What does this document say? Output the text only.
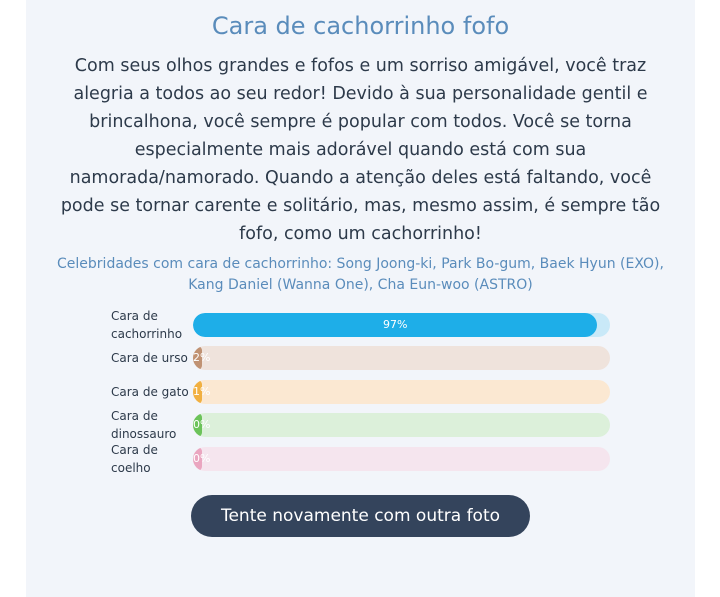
Cara de cachorrinho fofo
Com seus olhos grandes e fofos e um sorriso amigável, você traz alegria a todos ao seu redor! Devido à sua personalidade gentil e brincalhona, você sempre é popular com todos. Você se torna especialmente mais adorável quando está com sua namorada/namorado. Quando a atenção deles está faltando, você pode se tornar carente e solitário, mas, mesmo assim, é sempre tão fofo, como um cachorrinho!
Celebridades com cara de cachorrinho: Song Joong-ki, Park Bo-gum, Baek Hyun (EXO), Kang Daniel (Wanna One), Cha Eun-woo (ASTRO)
Cara de cachorrinho
97%
Cara de urso 2%
Cara de gato 1%
Cara de dinossauro
0%
Cara de coelho
0%
Tente novamente com outra foto
